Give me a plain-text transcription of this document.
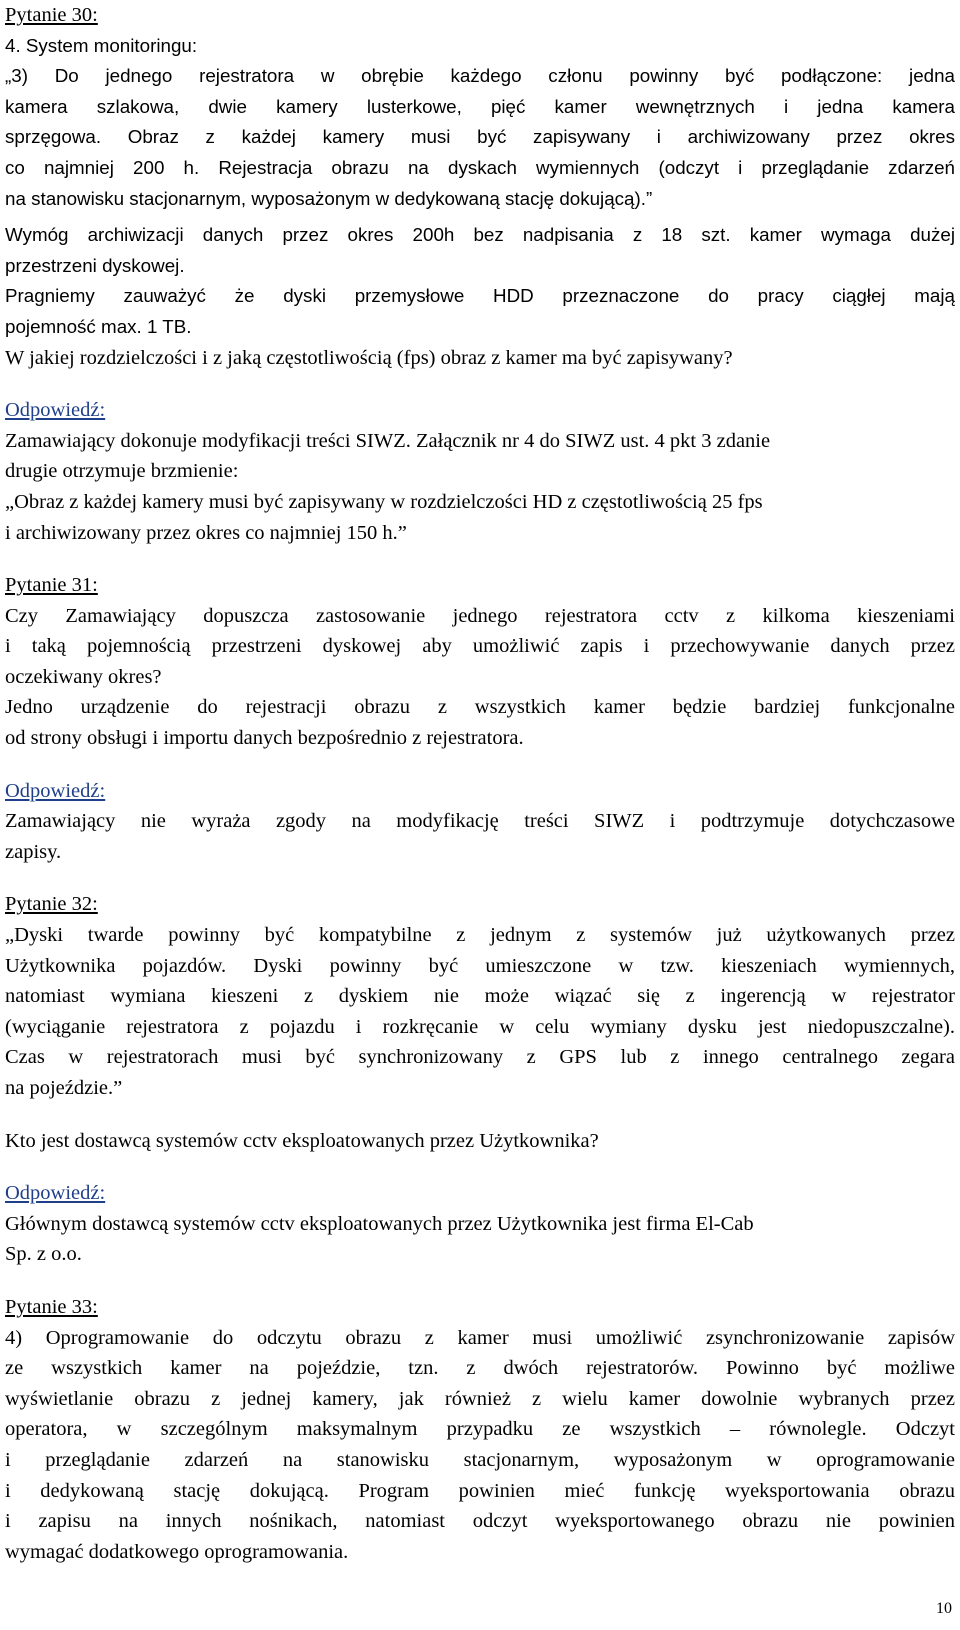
Pytanie 30:
4. System monitoringu:
„3) Do jednego rejestratora w obrębie każdego członu powinny być podłączone: jedna
kamera szlakowa, dwie kamery lusterkowe, pięć kamer wewnętrznych i jedna kamera
sprzęgowa. Obraz z każdej kamery musi być zapisywany i archiwizowany przez okres
co najmniej 200 h. Rejestracja obrazu na dyskach wymiennych (odczyt i przeglądanie zdarzeń
na stanowisku stacjonarnym, wyposażonym w dedykowaną stację dokującą).”
Wymóg archiwizacji danych przez okres 200h bez nadpisania z 18 szt. kamer wymaga dużej
przestrzeni dyskowej.
Pragniemy zauważyć że dyski przemysłowe HDD przeznaczone do pracy ciągłej mają
pojemność max. 1 TB.
W jakiej rozdzielczości i z jaką częstotliwością (fps) obraz z kamer ma być zapisywany?
Odpowiedź:
Zamawiający dokonuje modyfikacji treści SIWZ. Załącznik nr 4 do SIWZ ust. 4 pkt 3 zdanie
drugie otrzymuje brzmienie:
„Obraz z każdej kamery musi być zapisywany w rozdzielczości HD z częstotliwością 25 fps
i archiwizowany przez okres co najmniej 150 h.”
Pytanie 31:
Czy Zamawiający dopuszcza zastosowanie jednego rejestratora cctv z kilkoma kieszeniami
i taką pojemnością przestrzeni dyskowej aby umożliwić zapis i przechowywanie danych przez
oczekiwany okres?
Jedno urządzenie do rejestracji obrazu z wszystkich kamer będzie bardziej funkcjonalne
od strony obsługi i importu danych bezpośrednio z rejestratora.
Odpowiedź:
Zamawiający nie wyraża zgody na modyfikację treści SIWZ i podtrzymuje dotychczasowe
zapisy.
Pytanie 32:
„Dyski twarde powinny być kompatybilne z jednym z systemów już użytkowanych przez
Użytkownika pojazdów. Dyski powinny być umieszczone w tzw. kieszeniach wymiennych,
natomiast wymiana kieszeni z dyskiem nie może wiązać się z ingerencją w rejestrator
(wyciąganie rejestratora z pojazdu i rozkręcanie w celu wymiany dysku jest niedopuszczalne).
Czas w rejestratorach musi być synchronizowany z GPS lub z innego centralnego zegara
na pojeździe.”
Kto jest dostawcą systemów cctv eksploatowanych przez Użytkownika?
Odpowiedź:
Głównym dostawcą systemów cctv eksploatowanych przez Użytkownika jest firma El-Cab
Sp. z o.o.
Pytanie 33:
4) Oprogramowanie do odczytu obrazu z kamer musi umożliwić zsynchronizowanie zapisów
ze wszystkich kamer na pojeździe, tzn. z dwóch rejestratorów. Powinno być możliwe
wyświetlanie obrazu z jednej kamery, jak również z wielu kamer dowolnie wybranych przez
operatora, w szczególnym maksymalnym przypadku ze wszystkich – równolegle. Odczyt
i przeglądanie zdarzeń na stanowisku stacjonarnym, wyposażonym w oprogramowanie
i dedykowaną stację dokującą. Program powinien mieć funkcję wyeksportowania obrazu
i zapisu na innych nośnikach, natomiast odczyt wyeksportowanego obrazu nie powinien
wymagać dodatkowego oprogramowania.
10
